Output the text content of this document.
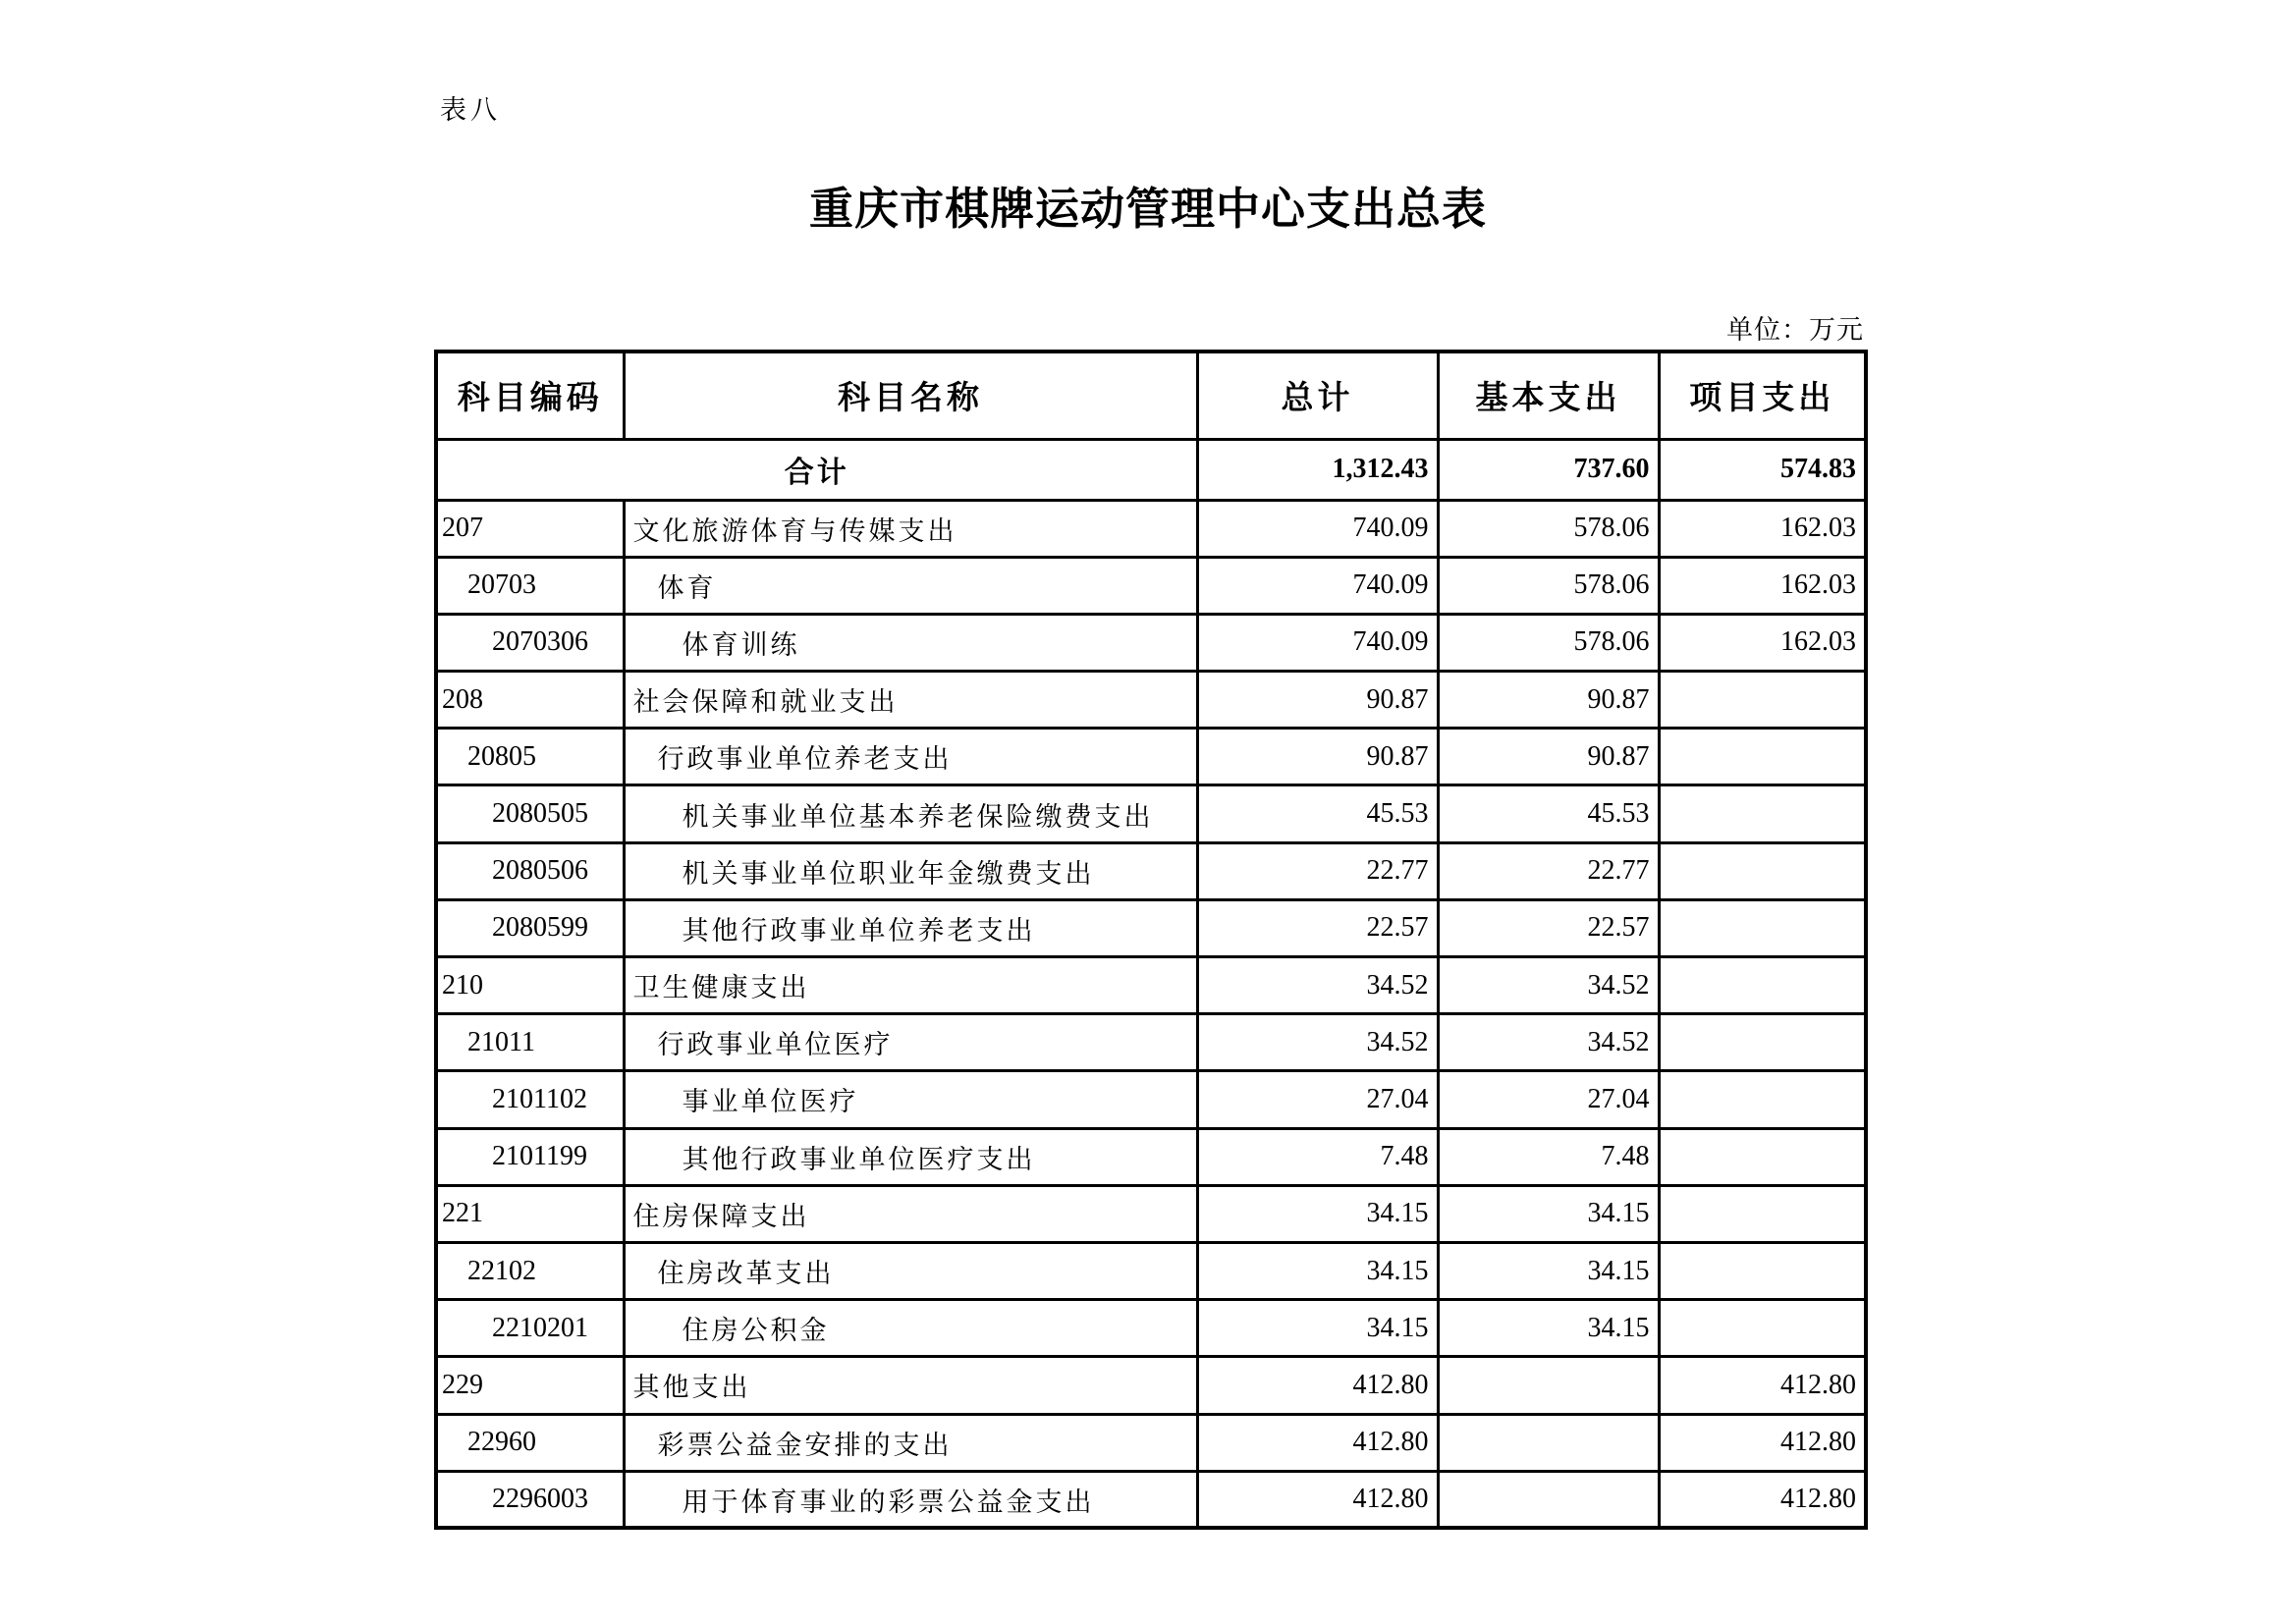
表八
重庆市棋牌运动管理中心支出总表
单位：万元
科目编码	科目名称	总计	基本支出	项目支出
合计		1,312.43	737.60	574.83
207	文化旅游体育与传媒支出	740.09	578.06	162.03
20703	体育	740.09	578.06	162.03
2070306	体育训练	740.09	578.06	162.03
208	社会保障和就业支出	90.87	90.87	
20805	行政事业单位养老支出	90.87	90.87	
2080505	机关事业单位基本养老保险缴费支出	45.53	45.53	
2080506	机关事业单位职业年金缴费支出	22.77	22.77	
2080599	其他行政事业单位养老支出	22.57	22.57	
210	卫生健康支出	34.52	34.52	
21011	行政事业单位医疗	34.52	34.52	
2101102	事业单位医疗	27.04	27.04	
2101199	其他行政事业单位医疗支出	7.48	7.48	
221	住房保障支出	34.15	34.15	
22102	住房改革支出	34.15	34.15	
2210201	住房公积金	34.15	34.15	
229	其他支出	412.80		412.80
22960	彩票公益金安排的支出	412.80		412.80
2296003	用于体育事业的彩票公益金支出	412.80		412.80
